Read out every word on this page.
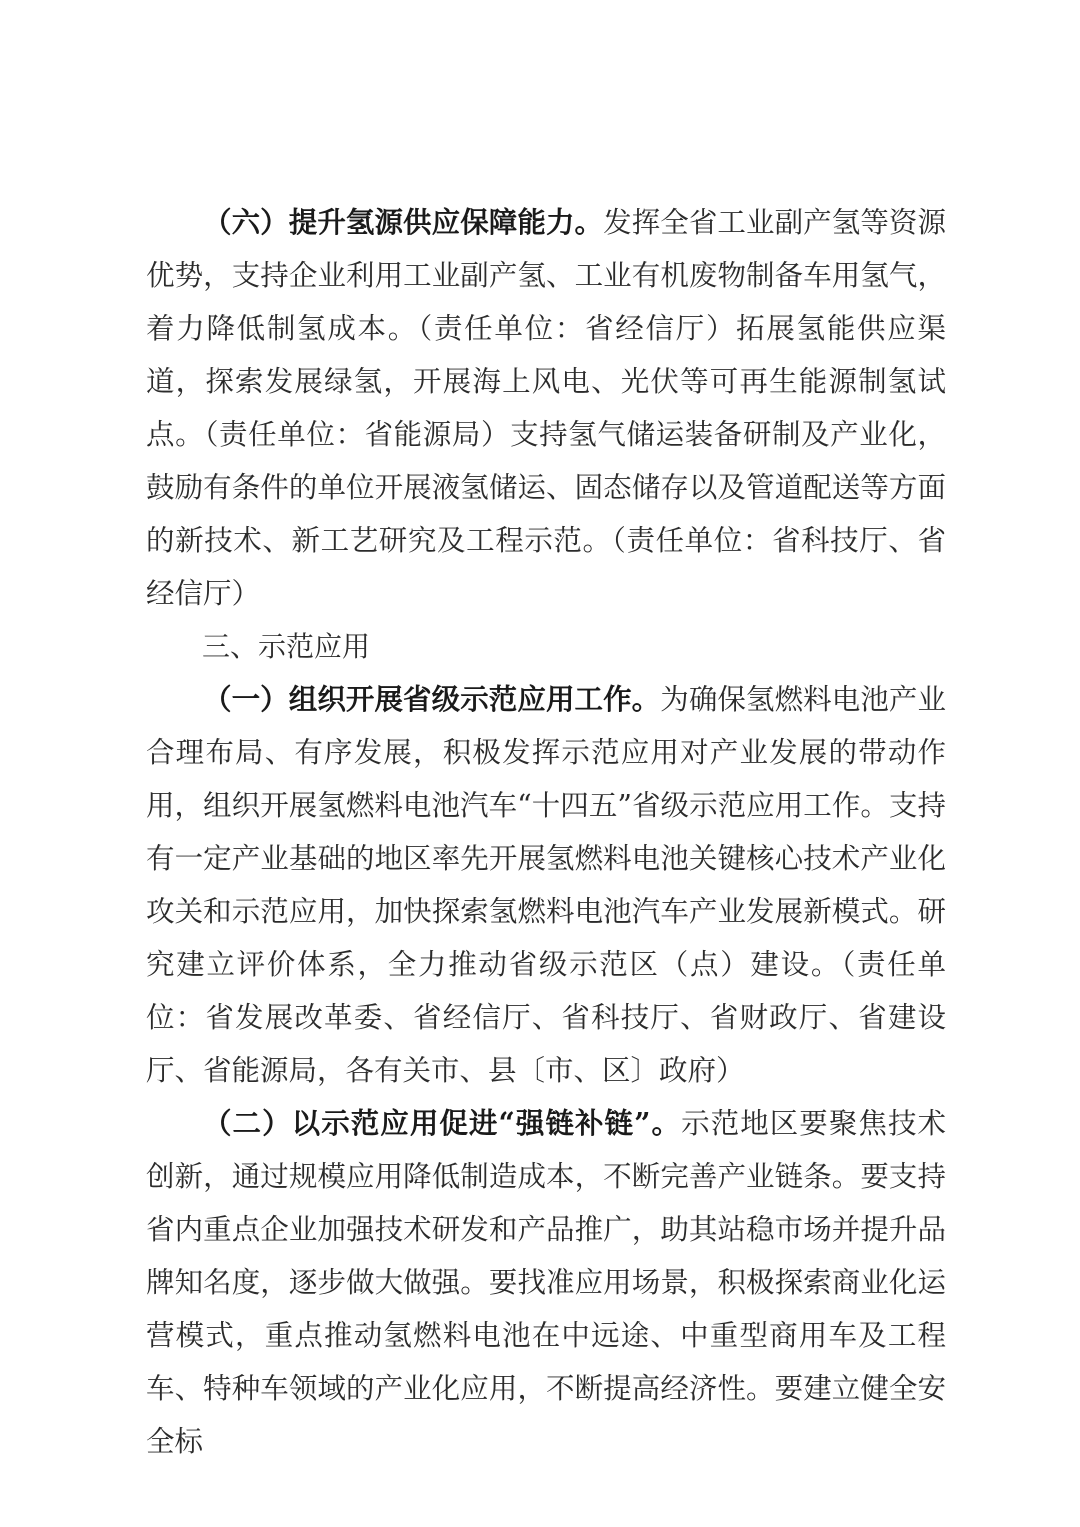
（六）提升氢源供应保障能力。发挥全省工业副产氢等资源优势，支持企业利用工业副产氢、工业有机废物制备车用氢气，着力降低制氢成本。（责任单位：省经信厅）拓展氢能供应渠道，探索发展绿氢，开展海上风电、光伏等可再生能源制氢试点。（责任单位：省能源局）支持氢气储运装备研制及产业化，鼓励有条件的单位开展液氢储运、固态储存以及管道配送等方面的新技术、新工艺研究及工程示范。（责任单位：省科技厅、省经信厅）

三、示范应用

（一）组织开展省级示范应用工作。为确保氢燃料电池产业合理布局、有序发展，积极发挥示范应用对产业发展的带动作用，组织开展氢燃料电池汽车“十四五”省级示范应用工作。支持有一定产业基础的地区率先开展氢燃料电池关键核心技术产业化攻关和示范应用，加快探索氢燃料电池汽车产业发展新模式。研究建立评价体系，全力推动省级示范区（点）建设。（责任单位：省发展改革委、省经信厅、省科技厅、省财政厅、省建设厅、省能源局，各有关市、县〔市、区〕政府）

（二）以示范应用促进“强链补链”。示范地区要聚焦技术创新，通过规模应用降低制造成本，不断完善产业链条。要支持省内重点企业加强技术研发和产品推广，助其站稳市场并提升品牌知名度，逐步做大做强。要找准应用场景，积极探索商业化运营模式，重点推动氢燃料电池在中远途、中重型商用车及工程车、特种车领域的产业化应用，不断提高经济性。要建立健全安全标
